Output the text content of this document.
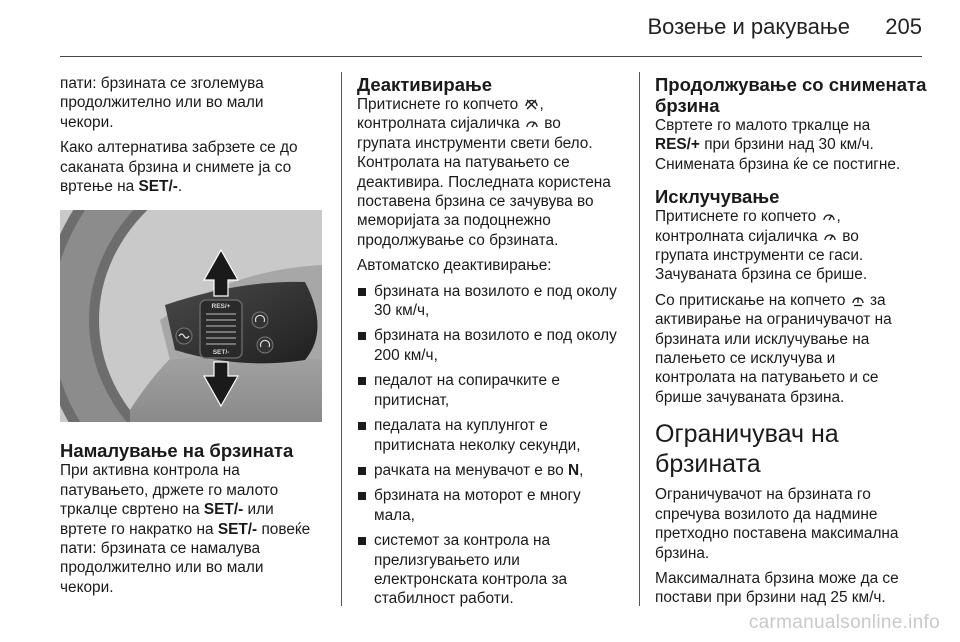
Возење и ракување	205

пати: брзината се зголемува
продолжително или во мали
чекори.

Како алтернатива забрзете се до
саканата брзина и снимете ја со
вртење на SET/-.

RES/+
SET/-
Намалување на брзината

При активна контрола на
патувањето, држете го малото
тркалце свртено на SET/- или
вртете го накратко на SET/- повеќе
пати: брзината се намалува
продолжително или во мали
чекори.

Деактивирање

Притиснете го копчето ,
контролната сијаличка  во
групата инструменти свети бело.
Контролата на патувањето се
деактивира. Последната користена
поставена брзина се зачувува во
меморијата за подоцнежно
продолжување со брзината.

Автоматско деактивирање:

брзината на возилото е под околу
30 км/ч,
брзината на возилото е под околу
200 км/ч,
педалот на сопирачките е
притиснат,
педалата на куплунгот е
притисната неколку секунди,
рачката на менувачот е во N,
брзината на моторот е многу
мала,
системот за контрола на
прелизгувањето или
електронската контрола за
стабилност работи.
Продолжување со снимената
брзина

Свртете го малото тркалце на
RES/+ при брзини над 30 км/ч.
Снимената брзина ќе се постигне.

Исклучување

Притиснете го копчето ,
контролната сијаличка  во
групата инструменти се гаси.
Зачуваната брзина се брише.

Со притискање на копчето  за
активирање на ограничувачот на
брзината или исклучување на
палењето се исклучува и
контролата на патувањето и се
брише зачуваната брзина.

Ограничувач на
брзината

Ограничувачот на брзината го
спречува возилото да надмине
претходно поставена максимална
брзина.

Максималната брзина може да се
постави при брзини над 25 км/ч.

carmanualsonline.info
